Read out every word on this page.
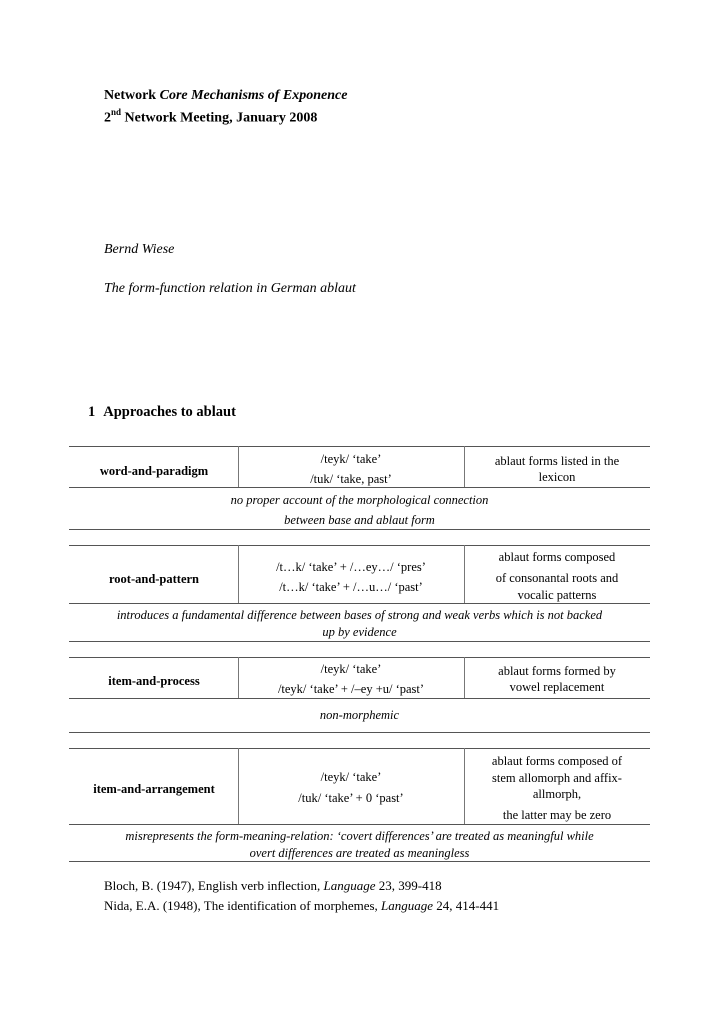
Network Core Mechanisms of Exponence
2nd Network Meeting, January 2008
Bernd Wiese
The form-function relation in German ablaut
1 Approaches to ablaut
word-and-paradigm
/teyk/ ‘take’
/tuk/ ‘take, past’
ablaut forms listed in the
lexicon
no proper account of the morphological connection
between base and ablaut form
root-and-pattern
/t…k/ ‘take’ + /…ey…/ ‘pres’
/t…k/ ‘take’ + /…u…/ ‘past’
ablaut forms composed
of consonantal roots and
vocalic patterns
introduces a fundamental difference between bases of strong and weak verbs which is not backed
up by evidence
item-and-process
/teyk/ ‘take’
/teyk/ ‘take’ + /–ey +u/ ‘past’
ablaut forms formed by
vowel replacement
non-morphemic
item-and-arrangement
/teyk/ ‘take’
/tuk/ ‘take’ + 0 ‘past’
ablaut forms composed of
stem allomorph and affix-
allmorph,
the latter may be zero
misrepresents the form-meaning-relation: ‘covert differences’ are treated as meaningful while
overt differences are treated as meaningless
Bloch, B. (1947), English verb inflection, Language 23, 399-418
Nida, E.A. (1948), The identification of morphemes, Language 24, 414-441
